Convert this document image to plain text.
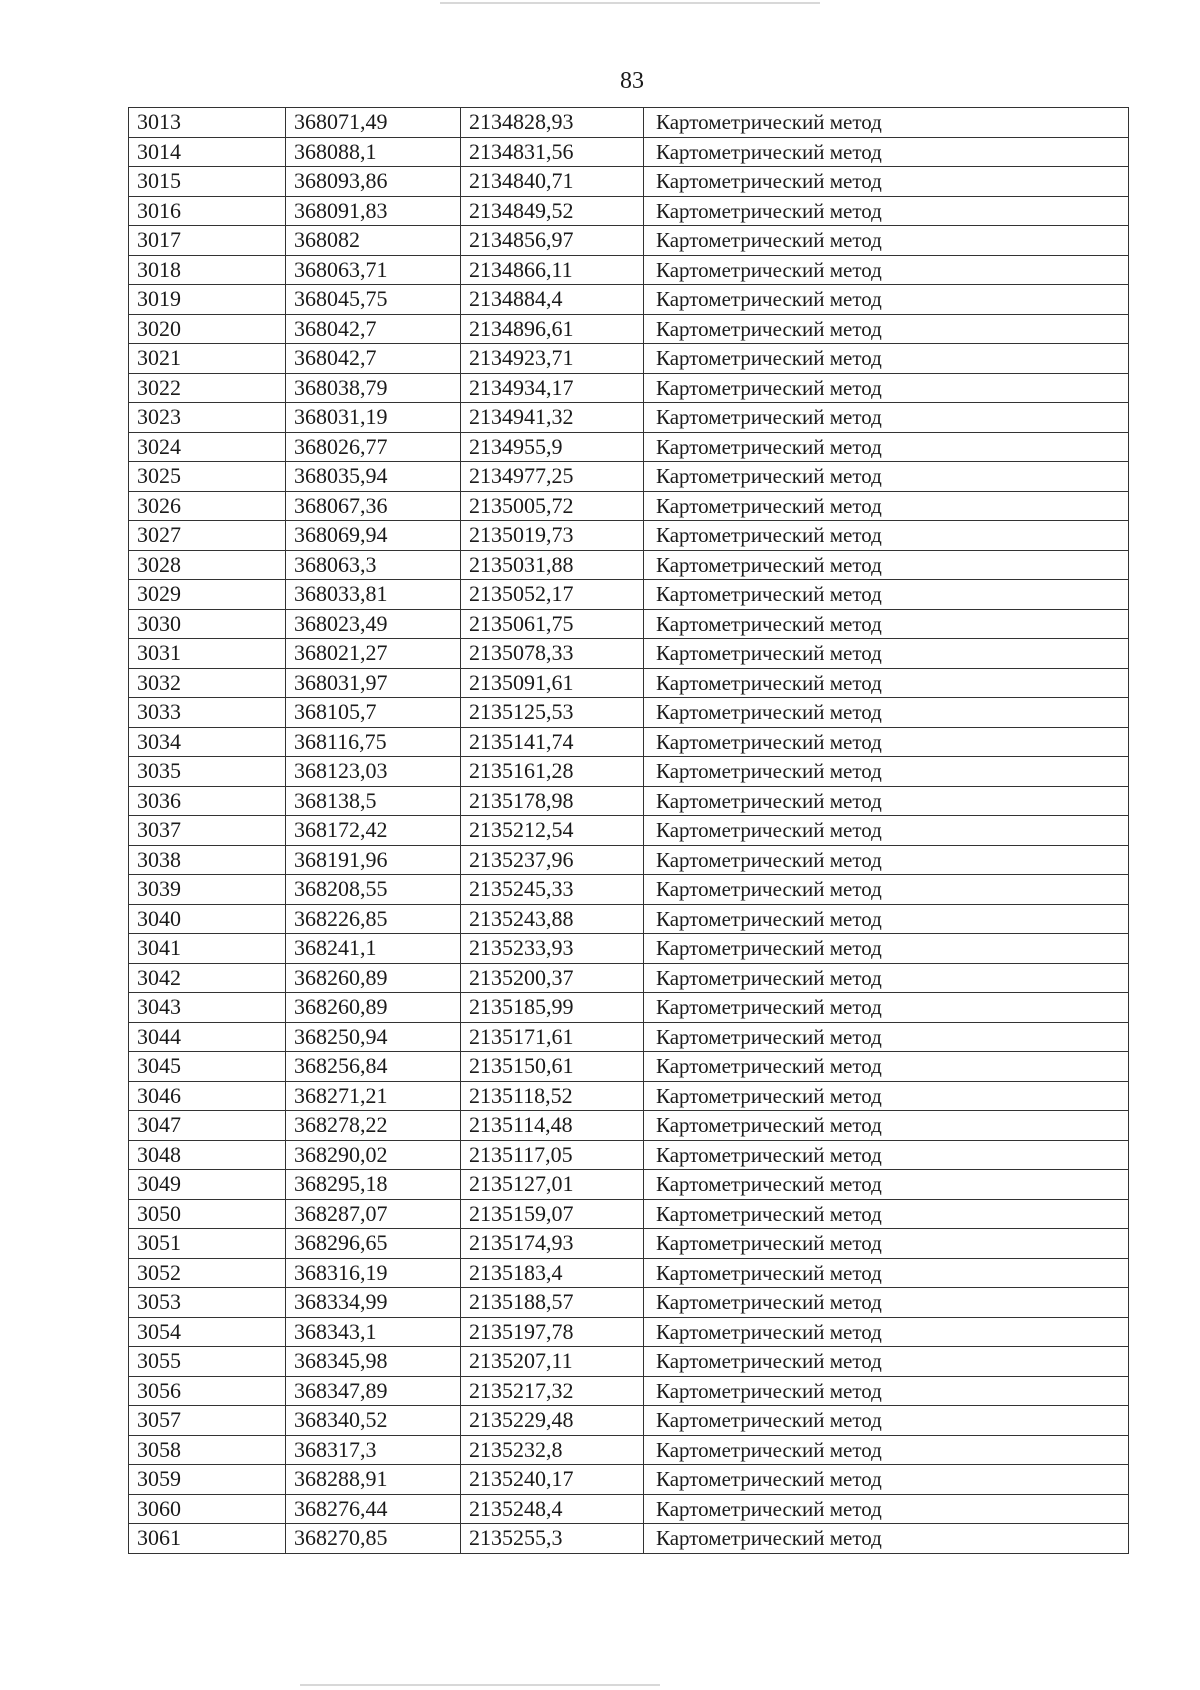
83
3013	368071,49	2134828,93	Картометрический метод
3014	368088,1	2134831,56	Картометрический метод
3015	368093,86	2134840,71	Картометрический метод
3016	368091,83	2134849,52	Картометрический метод
3017	368082	2134856,97	Картометрический метод
3018	368063,71	2134866,11	Картометрический метод
3019	368045,75	2134884,4	Картометрический метод
3020	368042,7	2134896,61	Картометрический метод
3021	368042,7	2134923,71	Картометрический метод
3022	368038,79	2134934,17	Картометрический метод
3023	368031,19	2134941,32	Картометрический метод
3024	368026,77	2134955,9	Картометрический метод
3025	368035,94	2134977,25	Картометрический метод
3026	368067,36	2135005,72	Картометрический метод
3027	368069,94	2135019,73	Картометрический метод
3028	368063,3	2135031,88	Картометрический метод
3029	368033,81	2135052,17	Картометрический метод
3030	368023,49	2135061,75	Картометрический метод
3031	368021,27	2135078,33	Картометрический метод
3032	368031,97	2135091,61	Картометрический метод
3033	368105,7	2135125,53	Картометрический метод
3034	368116,75	2135141,74	Картометрический метод
3035	368123,03	2135161,28	Картометрический метод
3036	368138,5	2135178,98	Картометрический метод
3037	368172,42	2135212,54	Картометрический метод
3038	368191,96	2135237,96	Картометрический метод
3039	368208,55	2135245,33	Картометрический метод
3040	368226,85	2135243,88	Картометрический метод
3041	368241,1	2135233,93	Картометрический метод
3042	368260,89	2135200,37	Картометрический метод
3043	368260,89	2135185,99	Картометрический метод
3044	368250,94	2135171,61	Картометрический метод
3045	368256,84	2135150,61	Картометрический метод
3046	368271,21	2135118,52	Картометрический метод
3047	368278,22	2135114,48	Картометрический метод
3048	368290,02	2135117,05	Картометрический метод
3049	368295,18	2135127,01	Картометрический метод
3050	368287,07	2135159,07	Картометрический метод
3051	368296,65	2135174,93	Картометрический метод
3052	368316,19	2135183,4	Картометрический метод
3053	368334,99	2135188,57	Картометрический метод
3054	368343,1	2135197,78	Картометрический метод
3055	368345,98	2135207,11	Картометрический метод
3056	368347,89	2135217,32	Картометрический метод
3057	368340,52	2135229,48	Картометрический метод
3058	368317,3	2135232,8	Картометрический метод
3059	368288,91	2135240,17	Картометрический метод
3060	368276,44	2135248,4	Картометрический метод
3061	368270,85	2135255,3	Картометрический метод
